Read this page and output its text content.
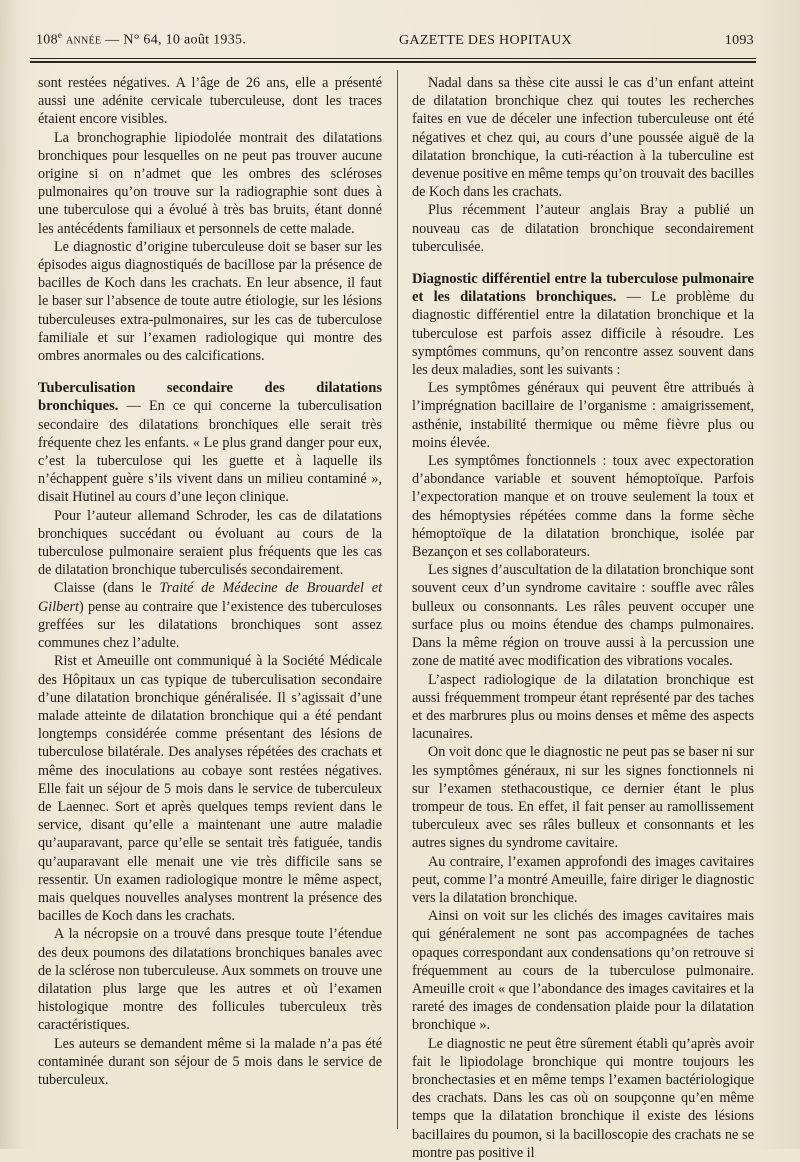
108e année — N° 64, 10 août 1935.	GAZETTE DES HOPITAUX	1093

sont restées négatives. A l’âge de 26 ans, elle a présenté aussi une adénite cervicale tuberculeuse, dont les traces étaient encore visibles.

La bronchographie lipiodolée montrait des dilatations bronchiques pour lesquelles on ne peut pas trouver aucune origine si on n’admet que les ombres des scléroses pulmonaires qu’on trouve sur la radiographie sont dues à une tuberculose qui a évolué à très bas bruits, étant donné les antécédents familiaux et personnels de cette malade.

Le diagnostic d’origine tuberculeuse doit se baser sur les épisodes aigus diagnostiqués de bacillose par la présence de bacilles de Koch dans les crachats. En leur absence, il faut le baser sur l’absence de toute autre étiologie, sur les lésions tuberculeuses extra-pulmonaires, sur les cas de tuberculose familiale et sur l’examen radiologique qui montre des ombres anormales ou des calcifications.

Tuberculisation secondaire des dilatations bronchiques. — En ce qui concerne la tuberculisation secondaire des dilatations bronchiques elle serait très fréquente chez les enfants. « Le plus grand danger pour eux, c’est la tuberculose qui les guette et à laquelle ils n’échappent guère s’ils vivent dans un milieu contaminé », disait Hutinel au cours d’une leçon clinique.

Pour l’auteur allemand Schroder, les cas de dilatations bronchiques succédant ou évoluant au cours de la tuberculose pulmonaire seraient plus fréquents que les cas de dilatation bronchique tuberculisés secondairement.

Claisse (dans le Traité de Médecine de Brouardel et Gilbert) pense au contraire que l’existence des tuberculoses greffées sur les dilatations bronchiques sont assez communes chez l’adulte.

Rist et Ameuille ont communiqué à la Société Médicale des Hôpitaux un cas typique de tuberculisation secondaire d’une dilatation bronchique généralisée. Il s’agissait d’une malade atteinte de dilatation bronchique qui a été pendant longtemps considérée comme présentant des lésions de tuberculose bilatérale. Des analyses répétées des crachats et même des inoculations au cobaye sont restées négatives. Elle fait un séjour de 5 mois dans le service de tuberculeux de Laennec. Sort et après quelques temps revient dans le service, disant qu’elle a maintenant une autre maladie qu’auparavant, parce qu’elle se sentait très fatiguée, tandis qu’auparavant elle menait une vie très difficile sans se ressentir. Un examen radiologique montre le même aspect, mais quelques nouvelles analyses montrent la présence des bacilles de Koch dans les crachats.

A la nécropsie on a trouvé dans presque toute l’étendue des deux poumons des dilatations bronchiques banales avec de la sclérose non tuberculeuse. Aux sommets on trouve une dilatation plus large que les autres et où l’examen histologique montre des follicules tuberculeux très caractéristiques.

Les auteurs se demandent même si la malade n’a pas été contaminée durant son séjour de 5 mois dans le service de tuberculeux.

Nadal dans sa thèse cite aussi le cas d’un enfant atteint de dilatation bronchique chez qui toutes les recherches faites en vue de déceler une infection tuberculeuse ont été négatives et chez qui, au cours d’une poussée aiguë de la dilatation bronchique, la cuti-réaction à la tuberculine est devenue positive en même temps qu’on trouvait des bacilles de Koch dans les crachats.

Plus récemment l’auteur anglais Bray a publié un nouveau cas de dilatation bronchique secondairement tuberculisée.

Diagnostic différentiel entre la tuberculose pulmonaire et les dilatations bronchiques. — Le problème du diagnostic différentiel entre la dilatation bronchique et la tuberculose est parfois assez difficile à résoudre. Les symptômes communs, qu’on rencontre assez souvent dans les deux maladies, sont les suivants :

Les symptômes généraux qui peuvent être attribués à l’imprégnation bacillaire de l’organisme : amaigrissement, asthénie, instabilité thermique ou même fièvre plus ou moins élevée.

Les symptômes fonctionnels : toux avec expectoration d’abondance variable et souvent hémoptoïque. Parfois l’expectoration manque et on trouve seulement la toux et des hémoptysies répétées comme dans la forme sèche hémoptoïque de la dilatation bronchique, isolée par Bezançon et ses collaborateurs.

Les signes d’auscultation de la dilatation bronchique sont souvent ceux d’un syndrome cavitaire : souffle avec râles bulleux ou consonnants. Les râles peuvent occuper une surface plus ou moins étendue des champs pulmonaires. Dans la même région on trouve aussi à la percussion une zone de matité avec modification des vibrations vocales.

L’aspect radiologique de la dilatation bronchique est aussi fréquemment trompeur étant représenté par des taches et des marbrures plus ou moins denses et même des aspects lacunaires.

On voit donc que le diagnostic ne peut pas se baser ni sur les symptômes généraux, ni sur les signes fonctionnels ni sur l’examen stethacoustique, ce dernier étant le plus trompeur de tous. En effet, il fait penser au ramollissement tuberculeux avec ses râles bulleux et consonnants et les autres signes du syndrome cavitaire.

Au contraire, l’examen approfondi des images cavitaires peut, comme l’a montré Ameuille, faire diriger le diagnostic vers la dilatation bronchique.

Ainsi on voit sur les clichés des images cavitaires mais qui généralement ne sont pas accompagnées de taches opaques correspondant aux condensations qu’on retrouve si fréquemment au cours de la tuberculose pulmonaire. Ameuille croit « que l’abondance des images cavitaires et la rareté des images de condensation plaide pour la dilatation bronchique ».

Le diagnostic ne peut être sûrement établi qu’après avoir fait le lipiodolage bronchique qui montre toujours les bronchectasies et en même temps l’examen bactériologique des crachats. Dans les cas où on soupçonne qu’en même temps que la dilatation bronchique il existe des lésions bacillaires du poumon, si la bacilloscopie des crachats ne se montre pas positive il
